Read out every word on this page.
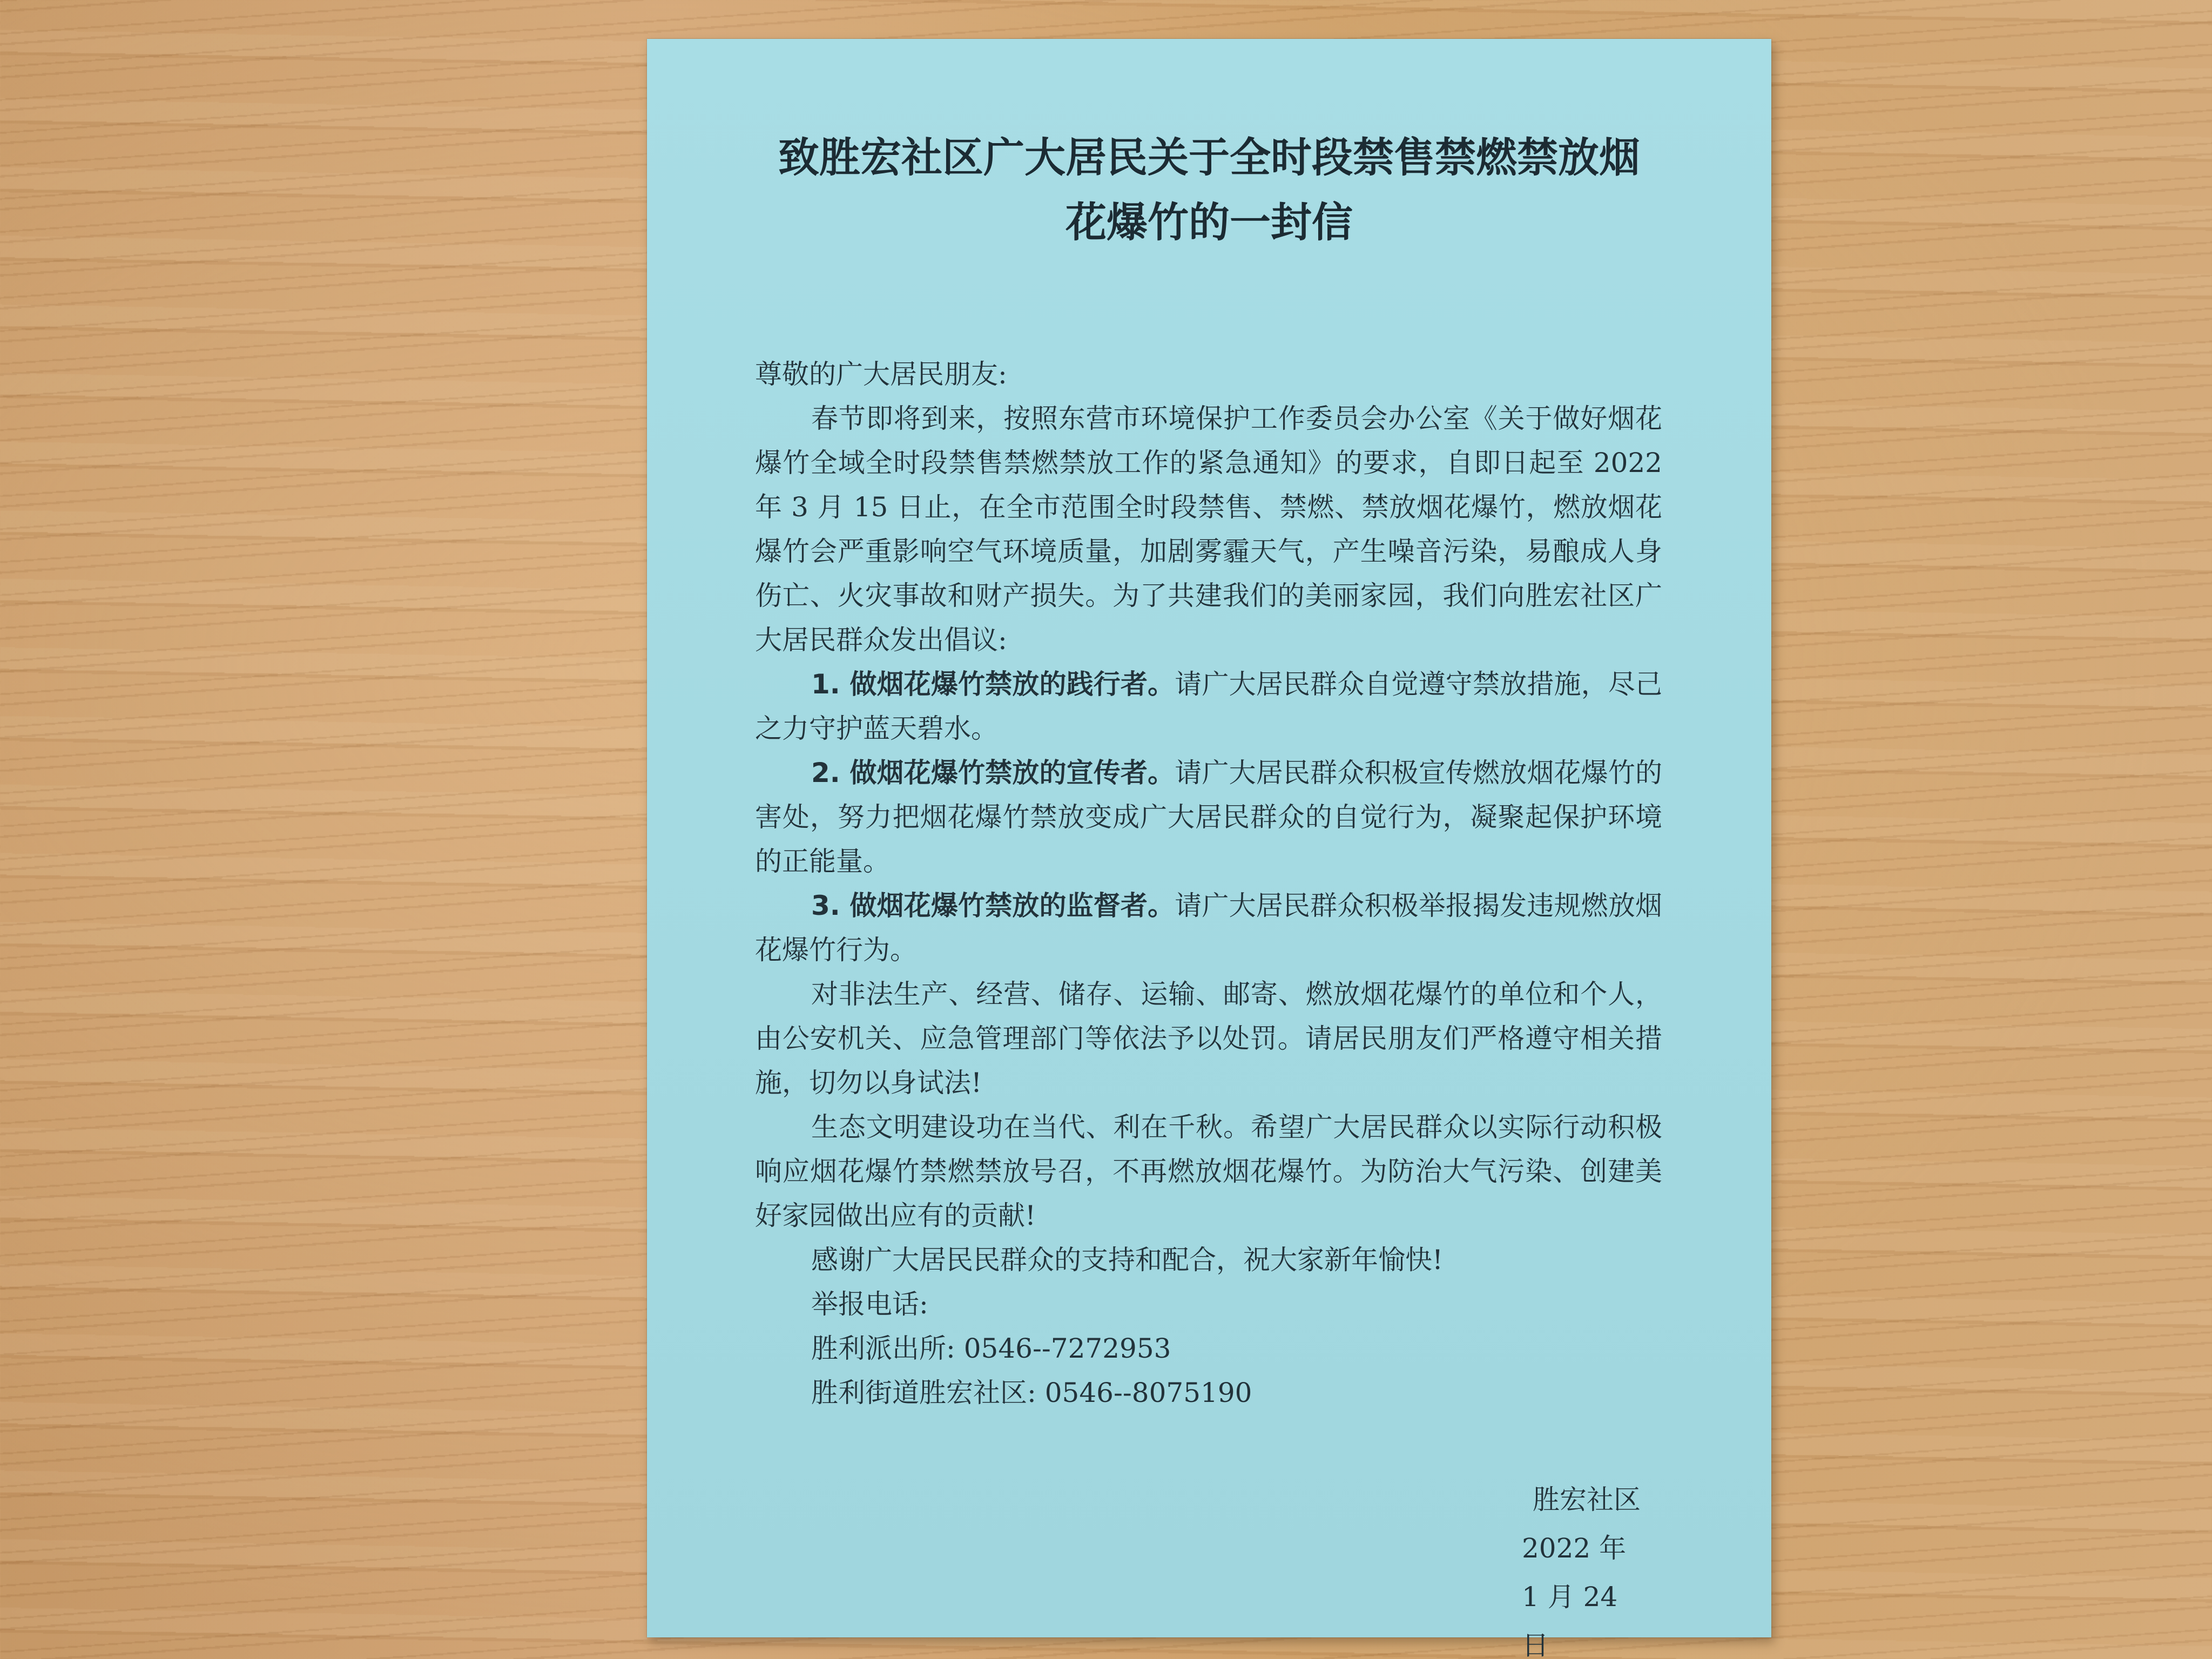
致胜宏社区广大居民关于全时段禁售禁燃禁放烟
花爆竹的一封信

尊敬的广大居民朋友:

春节即将到来，按照东营市环境保护工作委员会办公室《关于做好烟花爆竹全域全时段禁售禁燃禁放工作的紧急通知》的要求，自即日起至 2022 年 3 月 15 日止，在全市范围全时段禁售、禁燃、禁放烟花爆竹，燃放烟花爆竹会严重影响空气环境质量，加剧雾霾天气，产生噪音污染，易酿成人身伤亡、火灾事故和财产损失。为了共建我们的美丽家园，我们向胜宏社区广大居民群众发出倡议:

1. 做烟花爆竹禁放的践行者。请广大居民群众自觉遵守禁放措施，尽己之力守护蓝天碧水。

2. 做烟花爆竹禁放的宣传者。请广大居民群众积极宣传燃放烟花爆竹的害处，努力把烟花爆竹禁放变成广大居民群众的自觉行为，凝聚起保护环境的正能量。

3. 做烟花爆竹禁放的监督者。请广大居民群众积极举报揭发违规燃放烟花爆竹行为。

对非法生产、经营、储存、运输、邮寄、燃放烟花爆竹的单位和个人，由公安机关、应急管理部门等依法予以处罚。请居民朋友们严格遵守相关措施，切勿以身试法!

生态文明建设功在当代、利在千秋。希望广大居民群众以实际行动积极响应烟花爆竹禁燃禁放号召，不再燃放烟花爆竹。为防治大气污染、创建美好家园做出应有的贡献!

感谢广大居民民群众的支持和配合，祝大家新年愉快!

举报电话:

胜利派出所: 0546--7272953

胜利街道胜宏社区: 0546--8075190

胜宏社区
2022 年 1 月 24 日
